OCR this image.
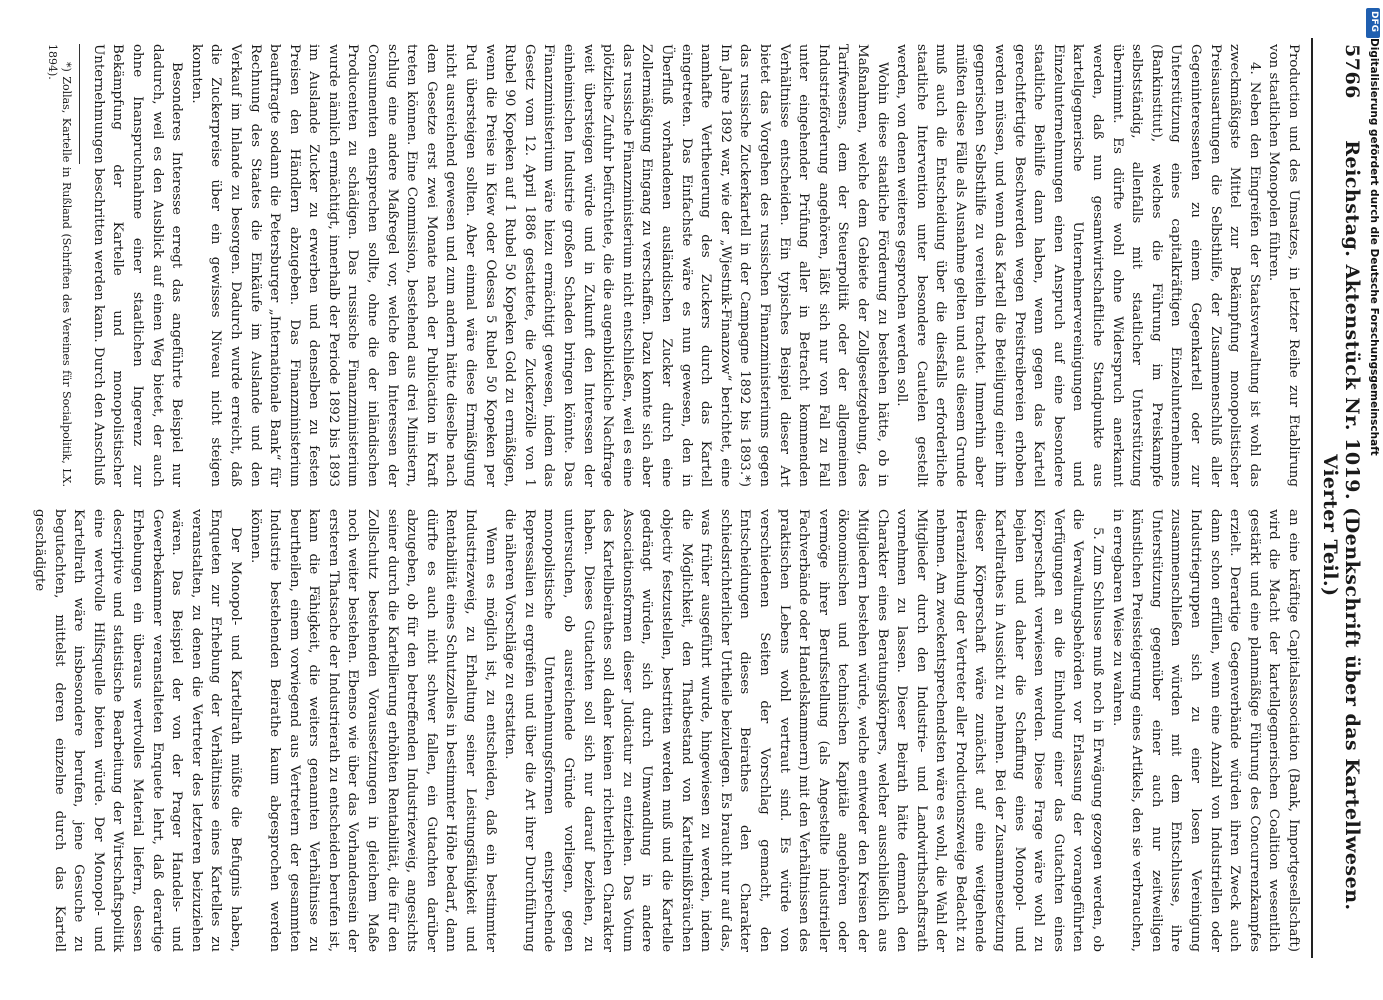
5766
Reichstag. Aktenstück Nr. 1019. (Denkschrift über das Kartellwesen. Vierter Teil.)

Production und des Umsatzes, in letzter Reihe zur Etablirung von staatlichen Monopolen führen.

4. Neben den Eingreifen der Staatsverwaltung ist wohl das zweckmäßigste Mittel zur Bekämpfung monopolistischer Preisausartungen die Selbsthilfe, der Zusammenschluß aller Gegeninteressenten zu einem Gegenkartell oder zur Unterstützung eines capitalkräftigen Einzelunternehmens (Bankinstitut), welches die Führung im Preiskampfe selbstständig, allenfalls mit staatlicher Unterstützung übernimmt. Es dürfte wohl ohne Widerspruch anerkannt werden, daß nun gesamtwirtschaftliche Standpunkte aus kartellgegnerische Unternehmervereinigungen und Einzelunternehmungen einen Anspruch auf eine besondere staatliche Beihilfe dann haben, wenn gegen das Kartell gerechtfertigte Beschwerden wegen Preistreibereien erhoben werden müssen, und wenn das Kartell die Beteiligung einer ihm gegnerischen Selbsthilfe zu vereiteln trachtet. Immerhin aber müßten diese Fälle als Ausnahme gelten und aus diesem Grunde muß auch die Entscheidung über die diesfalls erforderliche staatliche Intervention unter besondere Cautelen gestellt werden, von denen weiteres gesprochen werden soll.

Wohin diese staatliche Förderung zu bestehen hätte, ob in Maßnahmen, welche dem Gebiete der Zollgesetzgebung, des Tarifwesens, dem der Steuerpolitik oder der allgemeinen Industrieförderung angehören, läßt sich nur von Fall zu Fall unter eingehender Prüfung aller in Betracht kommenden Verhältnisse entscheiden. Ein typisches Beispiel dieser Art bietet das Vorgehen des russischen Finanzministeriums gegen das russische Zuckerkartell in der Campagne 1892 bis 1893.*) Im Jahre 1892 war, wie der „Wjestnik-Finanzow“ berichtet, eine namhafte Vertheuerung des Zuckers durch das Kartell eingetreten. Das Einfachste wäre es nun gewesen, den in Überfluß vorhandenen ausländischen Zucker durch eine Zollermäßigung Eingang zu verschaffen. Dazu konnte sich aber das russische Finanzministerium nicht entschließen, weil es eine plötzliche Zufuhr befürchtete, die die augenblickliche Nachfrage weit übersteigen würde und in Zukunft den Interessen der einheimischen Industrie großen Schaden bringen könnte. Das Finanzministerium wäre hiezu ermächtigt gewesen, indem das Gesetz vom 12. April 1886 gestattete, die Zuckerzölle von 1 Rubel 90 Kopeken auf 1 Rubel 50 Kopeken Gold zu ermäßigen, wenn die Preise in Kiew oder Odessa 5 Rubel 50 Kopeken per Pud übersteigen sollten. Aber einmal wäre diese Ermäßigung nicht ausreichend gewesen und zum andern hätte dieselbe nach dem Gesetze erst zwei Monate nach der Publication in Kraft treten können. Eine Commission, bestehend aus drei Ministern, schlug eine andere Maßregel vor, welche den Interessen der Consumenten entsprechen sollte, ohne die der inländischen Producenten zu schädigen. Das russische Finanzministerium wurde nämlich ermächtigt, innerhalb der Periode 1892 bis 1893 im Auslande Zucker zu erwerben und denselben zu festen Preisen den Händlern abzugeben. Das Finanzministerium beauftragte sodann die Petersburger „Internationale Bank“ für Rechnung des Staates die Einkäufe im Auslande und den Verkauf im Inlande zu besorgen. Dadurch wurde erreicht, daß die Zuckerpreise über ein gewisses Niveau nicht steigen konnten.

Besonderes Interesse erregt das angeführte Beispiel nur dadurch, weil es den Ausblick auf einen Weg bietet, der auch ohne Inanspruchnahme einer staatlichen Ingerenz zur Bekämpfung der Kartelle und monopolistischer Unternehmungen beschritten werden kann. Durch den Anschluß

*) Zollas, Kartelle in Rußland (Schriften des Vereines für Socialpolitik, LX. 1894).

an eine kräftige Capitalsassociation (Bank, Importgesellschaft) wird die Macht der kartellgegnerischen Coalition wesentlich gestärkt und eine planmäßige Führung des Concurrenzkampfes erzielt. Derartige Gegenverbände würden ihren Zweck auch dann schon erfüllen, wenn eine Anzahl von Industriellen oder Industriegruppen sich zu einer losen Vereinigung zusammenschließen würden mit dem Entschlusse, ihre Unterstützung gegenüber einer auch nur zeitweiligen künstlichen Preissteigerung eines Artikels, den sie verbrauchen, in erregbaren Weise zu wahren.

5. Zum Schlusse muß noch in Erwägung gezogen werden, ob die Verwaltungsbehörden vor Erlassung der vorangeführten Verfügungen an die Einholung einer das Gutachten eines Körperschaft verwiesen werden. Diese Frage wäre wohl zu bejahen und daher die Schaffung eines Monopol- und Kartellrathes in Aussicht zu nehmen. Bei der Zusammensetzung dieser Körperschaft wäre zunächst auf eine weitgehende Heranziehung der Vertreter aller Productionszweige Bedacht zu nehmen. Am zweckentsprechendsten wäre es wohl, die Wahl der Mitglieder durch den Industrie- und Landwirthschaftsrath vornehmen zu lassen. Dieser Beirath hätte demnach den Charakter eines Beratungskörpers, welcher ausschließlich aus Mitgliedern bestehen würde, welche entweder den Kreisen der ökonomischen und technischen Kapitäle angehören oder vermöge ihrer Berufsstellung (als Angestellte industrieller Fachverbände oder Handelskammern) mit den Verhältnissen des praktischen Lebens wohl vertraut sind. Es würde von verschiedenen Seiten der Vorschlag gemacht, den Entscheidungen dieses Beirathes den Charakter schiedsrichterlicher Urtheile beizulegen. Es braucht nur auf das, was früher ausgeführt wurde, hingewiesen zu werden, indem die Möglichkeit, den Thatbestand von Kartellmißbräuchen objectiv festzustellen, bestritten werden muß und die Kartelle gedrängt würden, sich durch Umwandlung in andere Associationsformen dieser Judicatur zu entziehen. Das Votum des Kartellbeirathes soll daher keinen richterlichen Charakter haben. Dieses Gutachten soll sich nur darauf beziehen, zu untersuchen, ob ausreichende Gründe vorliegen, gegen monopolistische Unternehmungsformen entsprechende Repressalien zu ergreifen und über die Art ihrer Durchführung die näheren Vorschläge zu erstatten.

Wenn es möglich ist, zu entscheiden, daß ein bestimmter Industriezweig, zu Erhaltung seiner Leistungsfähigkeit und Rentabilität eines Schutzzolles in bestimmter Höhe bedarf, dann dürfte es auch nicht schwer fallen, ein Gutachten darüber abzugeben, ob für den betreffenden Industriezweig, angesichts seiner durch die Kartellierung erhöhten Rentabilität, die für den Zollschutz bestehenden Voraussetzungen in gleichem Maße noch weiter bestehen. Ebenso wie über das Vorhandensein der ersteren Thatsache der Industrierath zu entscheiden berufen ist, kann die Fähigkeit, die weiters genannten Verhältnisse zu beurtheilen, einem vorwiegend aus Vertretern der gesammten Industrie bestehenden Beirathe kaum abgesprochen werden können.

Der Monopol- und Kartellrath müßte die Befugnis haben, Enqueten zur Erhebung der Verhältnisse eines Kartelles zu veranstalten, zu denen die Vertreter des letzteren beizuziehen wären. Das Beispiel der von der Prager Handels- und Gewerbekammer veranstalteten Enquete lehrt, daß derartige Erhebungen ein überaus wertvolles Material liefern, dessen descriptive und statistische Bearbeitung der Wirtschaftspolitik eine wertvolle Hilfsquelle bieten würde. Der Monopol- und Kartellrath wäre insbesondere berufen, jene Gesuche zu begutachten, mittelst deren einzelne durch das Kartell geschädigte

DFG
Digitalisierung gefördert durch die Deutsche Forschungsgemeinschaft
